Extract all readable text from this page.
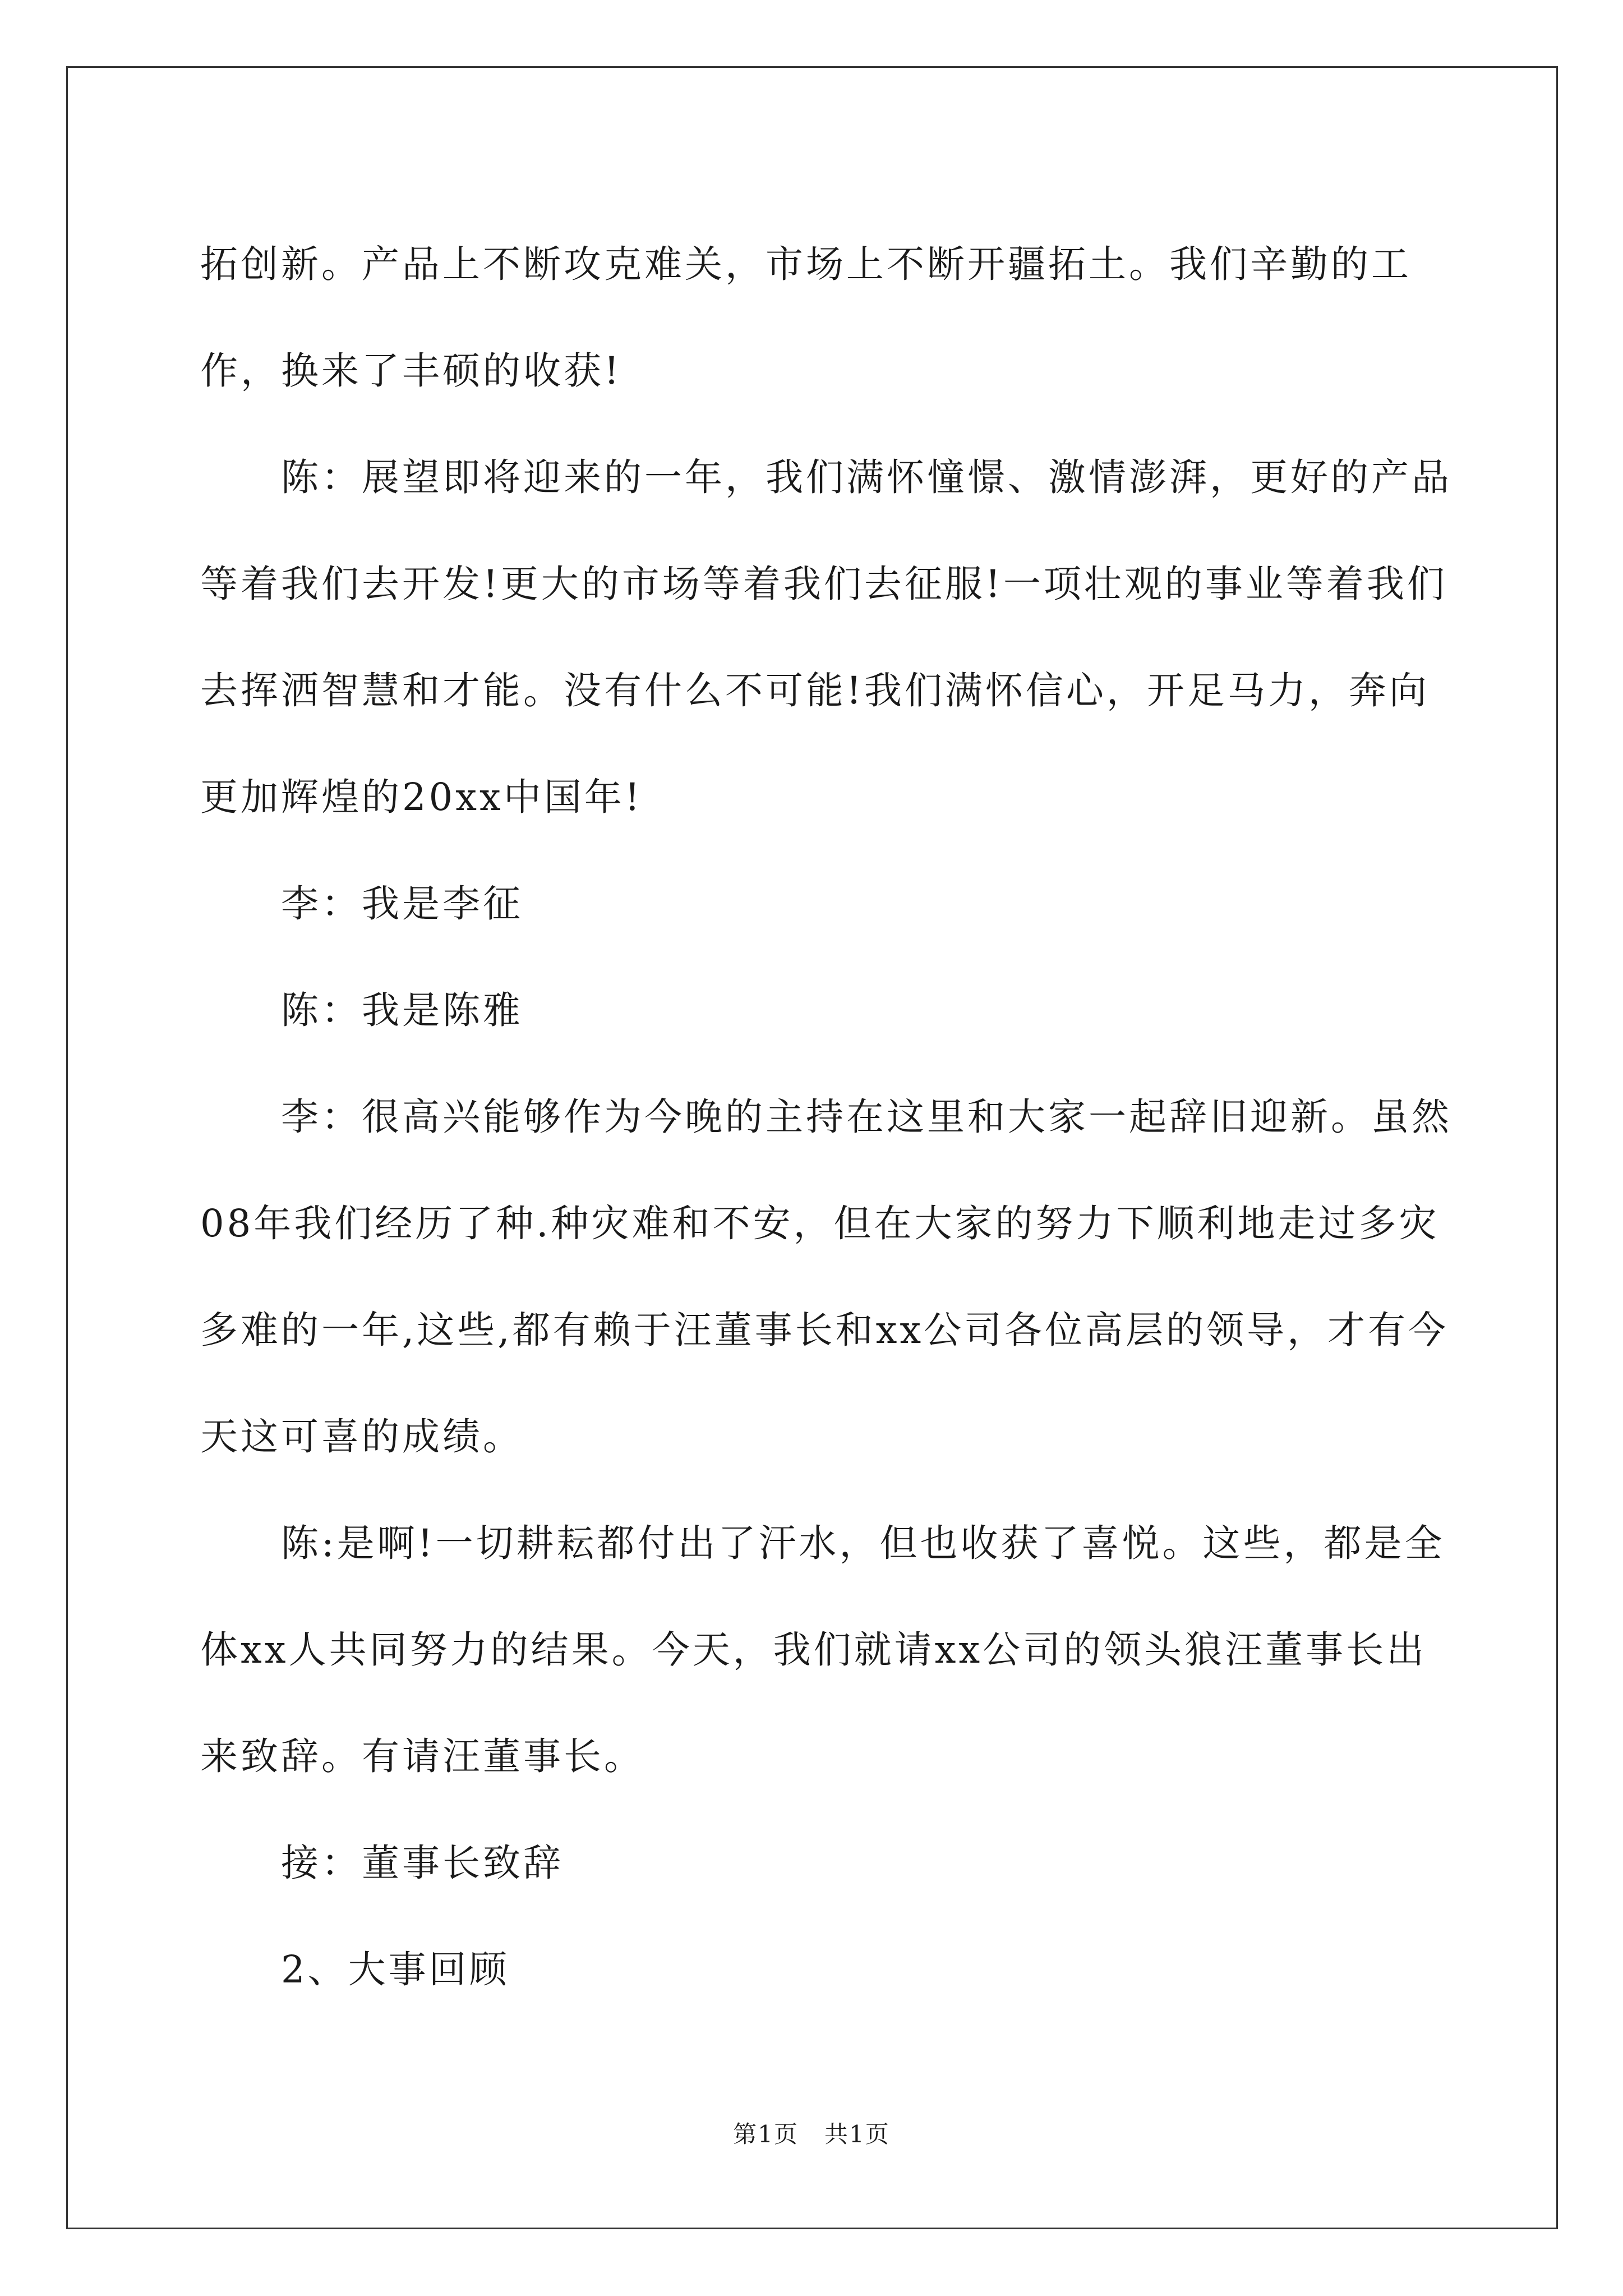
拓创新。产品上不断攻克难关，市场上不断开疆拓土。我们辛勤的工作，换来了丰硕的收获!

陈：展望即将迎来的一年，我们满怀憧憬、激情澎湃，更好的产品等着我们去开发!更大的市场等着我们去征服!一项壮观的事业等着我们去挥洒智慧和才能。没有什么不可能!我们满怀信心，开足马力，奔向更加辉煌的20xx中国年!

李：我是李征

陈：我是陈雅

李：很高兴能够作为今晚的主持在这里和大家一起辞旧迎新。虽然08年我们经历了种.种灾难和不安，但在大家的努力下顺利地走过多灾多难的一年,这些,都有赖于汪董事长和xx公司各位高层的领导，才有今天这可喜的成绩。

陈:是啊!一切耕耘都付出了汗水，但也收获了喜悦。这些，都是全体xx人共同努力的结果。今天，我们就请xx公司的领头狼汪董事长出来致辞。有请汪董事长。

接：董事长致辞

2、大事回顾

第1页 共1页
